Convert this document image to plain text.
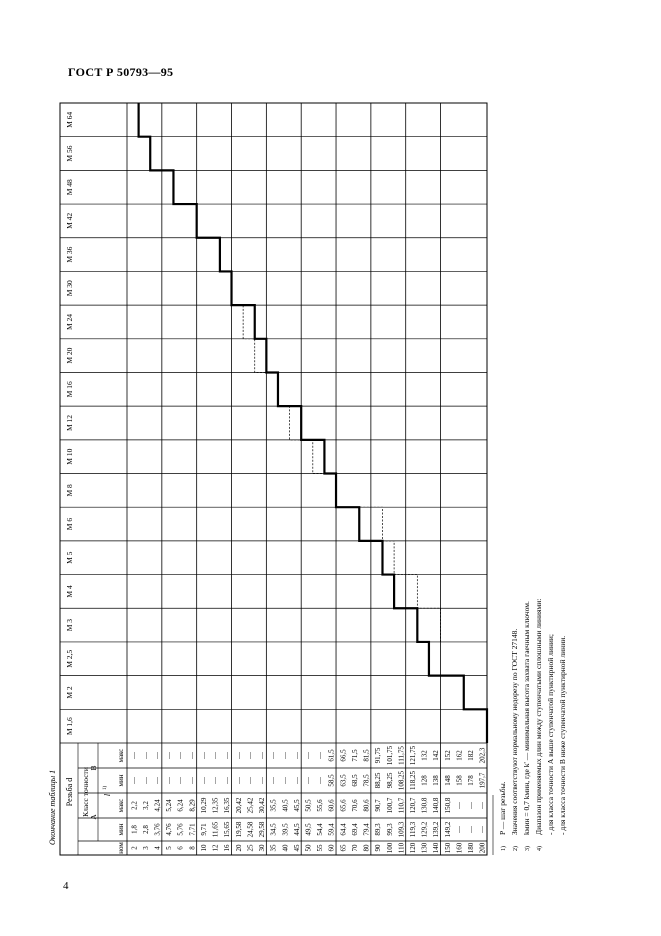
ГОСТ Р 50793—95
Резьба d Класс точности
А
В
l
1)
ном
мин
макс
мин
макс
М 1,6
М 2
М 2,5
М 3
М 4
М 5
М 6
М 8
М 10
М 12
М 16
М 20
М 24
М 30
М 36
М 42
М 48
М 56
М 64
Окончание таблицы 1
2
1,8
2,2
—
—
3
2,8
3,2
—
—
4
3,76
4,24
—
—
5
4,76
5,24
—
—
6
5,76
6,24
—
—
8
7,71
8,29
—
—
10
9,71
10,29
—
—
12
11,65
12,35
—
—
16
15,65
16,35
—
—
20
19,58
20,42
—
—
25
24,58
25,42
—
—
30
29,58
30,42
—
—
35
34,5
35,5
—
—
40
39,5
40,5
—
—
45
44,5
45,5
—
—
50
49,5
50,5
—
—
55
54,4
55,6
—
—
60
59,4
60,6
58,5
61,5
65
64,4
65,6
63,5
66,5
70
69,4
70,6
68,5
71,5
80
79,4
80,6
78,5
81,5
90
89,3
90,7
88,25
91,75
100
99,3
100,7
98,25
101,75
110
109,3
110,7
108,25
111,75
120
119,3
120,7
118,25
121,75
130
129,2
130,8
128
132
140
139,2
140,8
138
142
150
149,2
150,8
148
152
160
—
—
158
162
180
—
—
178
182
200
—
—
197,7
202,3
1)
P — шаг резьбы.
2)
Значения соответствуют нормальному недорезу по ГОСТ 27148.
3)
kмин = 0,7 kмин, где k' — минимальная высота захвата гаечным ключом.
4)
Диапазон применяемых длин между ступенчатыми сплошными линиями: - для класса точности А выше ступенчатой пунктирной линии; - для класса точности В ниже ступенчатой пунктирной линии.
4
